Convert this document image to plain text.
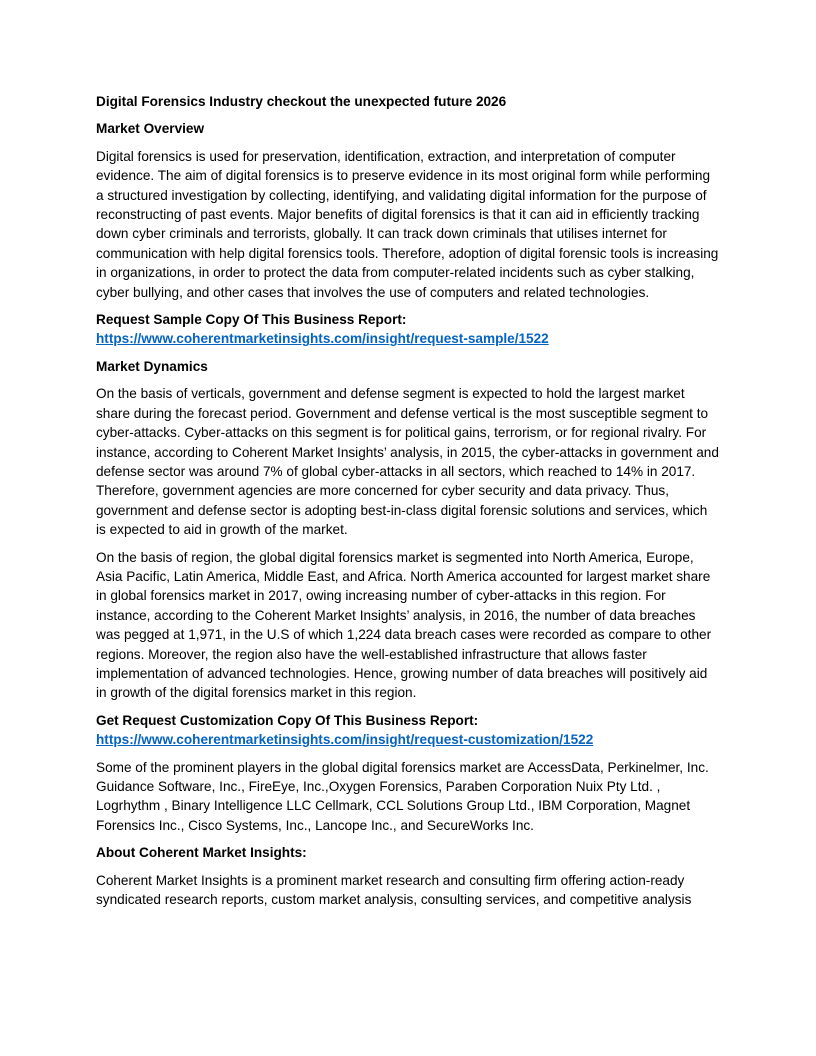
Digital Forensics Industry checkout the unexpected future 2026

Market Overview

Digital forensics is used for preservation, identification, extraction, and interpretation of computer evidence. The aim of digital forensics is to preserve evidence in its most original form while performing a structured investigation by collecting, identifying, and validating digital information for the purpose of reconstructing of past events. Major benefits of digital forensics is that it can aid in efficiently tracking down cyber criminals and terrorists, globally. It can track down criminals that utilises internet for communication with help digital forensics tools. Therefore, adoption of digital forensic tools is increasing in organizations, in order to protect the data from computer-related incidents such as cyber stalking, cyber bullying, and other cases that involves the use of computers and related technologies.

Request Sample Copy Of This Business Report:

https://www.coherentmarketinsights.com/insight/request-sample/1522

Market Dynamics

On the basis of verticals, government and defense segment is expected to hold the largest market share during the forecast period. Government and defense vertical is the most susceptible segment to cyber-attacks. Cyber-attacks on this segment is for political gains, terrorism, or for regional rivalry. For instance, according to Coherent Market Insights’ analysis, in 2015, the cyber-attacks in government and defense sector was around 7% of global cyber-attacks in all sectors, which reached to 14% in 2017. Therefore, government agencies are more concerned for cyber security and data privacy. Thus, government and defense sector is adopting best-in-class digital forensic solutions and services, which is expected to aid in growth of the market.

On the basis of region, the global digital forensics market is segmented into North America, Europe, Asia Pacific, Latin America, Middle East, and Africa. North America accounted for largest market share in global forensics market in 2017, owing increasing number of cyber-attacks in this region. For instance, according to the Coherent Market Insights’ analysis, in 2016, the number of data breaches was pegged at 1,971, in the U.S of which 1,224 data breach cases were recorded as compare to other regions. Moreover, the region also have the well-established infrastructure that allows faster implementation of advanced technologies. Hence, growing number of data breaches will positively aid in growth of the digital forensics market in this region.

Get Request Customization Copy Of This Business Report:

https://www.coherentmarketinsights.com/insight/request-customization/1522

Some of the prominent players in the global digital forensics market are AccessData, Perkinelmer, Inc. Guidance Software, Inc., FireEye, Inc.,Oxygen Forensics, Paraben Corporation Nuix Pty Ltd. , Logrhythm , Binary Intelligence LLC Cellmark, CCL Solutions Group Ltd., IBM Corporation, Magnet Forensics Inc., Cisco Systems, Inc., Lancope Inc., and SecureWorks Inc.

About Coherent Market Insights:

Coherent Market Insights is a prominent market research and consulting firm offering action-ready syndicated research reports, custom market analysis, consulting services, and competitive analysis
